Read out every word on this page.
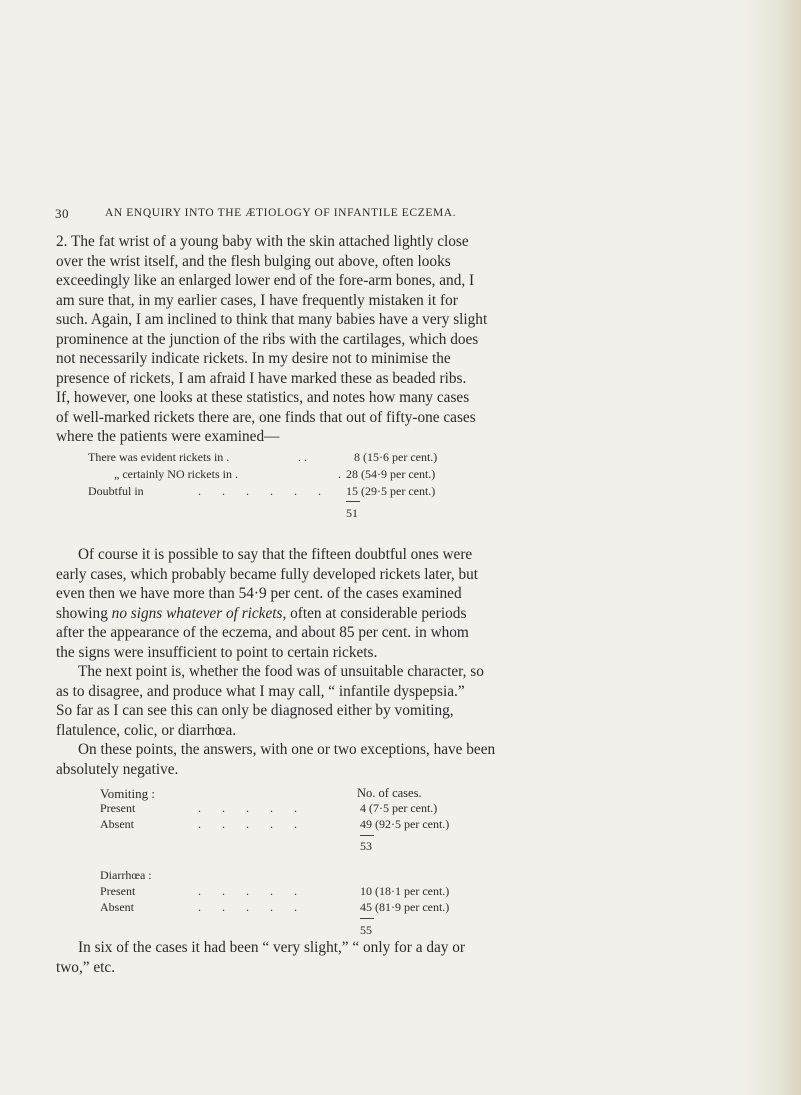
30	AN ENQUIRY INTO THE ÆTIOLOGY OF INFANTILE ECZEMA.
2. The fat wrist of a young baby with the skin attached lightly close
over the wrist itself, and the flesh bulging out above, often looks
exceedingly like an enlarged lower end of the fore-arm bones, and, I
am sure that, in my earlier cases, I have frequently mistaken it for
such. Again, I am inclined to think that many babies have a very slight
prominence at the junction of the ribs with the cartilages, which does
not necessarily indicate rickets. In my desire not to minimise the
presence of rickets, I am afraid I have marked these as beaded ribs.
If, however, one looks at these statistics, and notes how many cases
of well-marked rickets there are, one finds that out of fifty-one cases
where the patients were examined—
There was evident rickets in .	. .	8 (15·6 per cent.)
„ certainly NO rickets in .	. 28 (54·9 per cent.)
Doubtful in	. . . . . . 15 (29·5 per cent.)
51
Of course it is possible to say that the fifteen doubtful ones were
early cases, which probably became fully developed rickets later, but
even then we have more than 54·9 per cent. of the cases examined
showing no signs whatever of rickets, often at considerable periods
after the appearance of the eczema, and about 85 per cent. in whom
the signs were insufficient to point to certain rickets.
The next point is, whether the food was of unsuitable character, so
as to disagree, and produce what I may call, “ infantile dyspepsia.”
So far as I can see this can only be diagnosed either by vomiting,
flatulence, colic, or diarrhœa.
On these points, the answers, with one or two exceptions, have been
absolutely negative.
Vomiting :	No. of cases.
Present	. . . . .	4 (7·5 per cent.)
Absent	. . . . .	49 (92·5 per cent.)
53
Diarrhœa :
Present	. . . . .	10 (18·1 per cent.)
Absent	. . . . .	45 (81·9 per cent.)
55
In six of the cases it had been “ very slight,” “ only for a day or
two,” etc.
